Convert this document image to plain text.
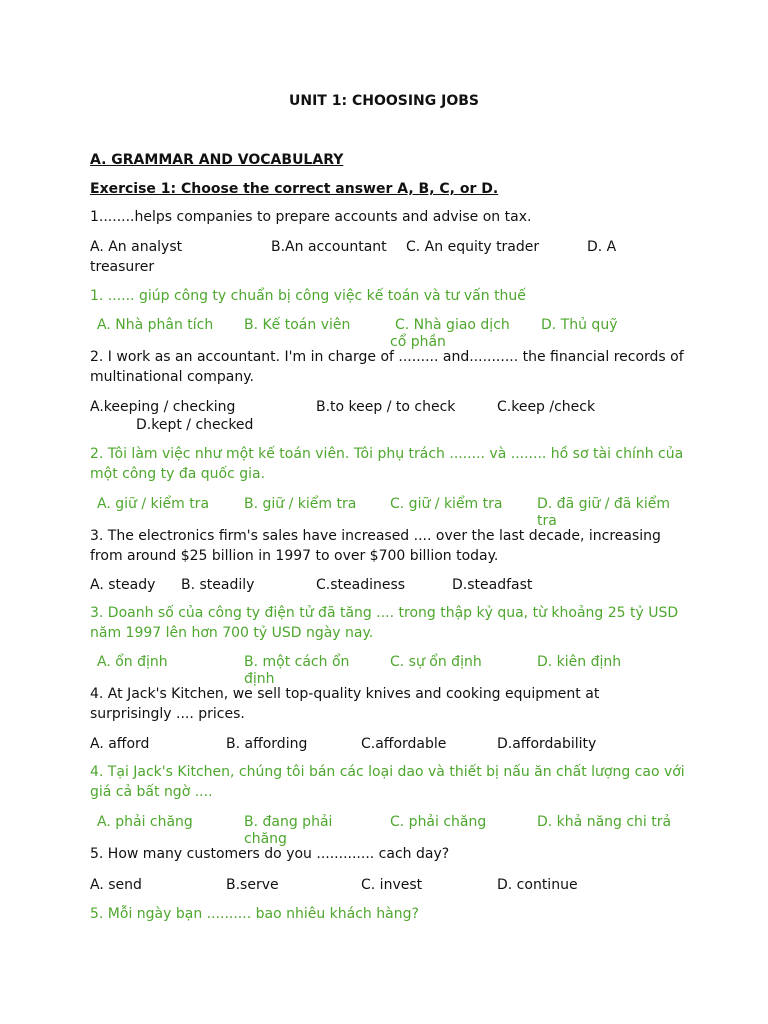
UNIT 1: CHOOSING JOBS
A. GRAMMAR AND VOCABULARY
Exercise 1: Choose the correct answer A, B, C, or D.
1........helps companies to prepare accounts and advise on tax.
A. An analyst	B.An accountant C. An equity trader	D. A
treasurer
1. ...... giúp công ty chuẩn bị công việc kế toán và tư vấn thuế
A. Nhà phân tích B. Kế toán viên	C. Nhà giao dịch cổ phần
D. Thủ quỹ
2. I work as an accountant. I'm in charge of ......... and........... the financial records of multinational company.
A.keeping / checking	B.to keep / to check	C.keep /check
D.kept / checked
2. Tôi làm việc như một kế toán viên. Tôi phụ trách ........ và ........ hồ sơ tài chính của một công ty đa quốc gia.
A. giữ / kiểm tra B. giữ / kiểm tra C. giữ / kiểm tra D. đã giữ / đã kiểm tra
3. The electronics firm's sales have increased .... over the last decade, increasing from around $25 billion in 1997 to over $700 billion today.
A. steady B. steadily	C.steadiness	D.steadfast
3. Doanh số của công ty điện tử đã tăng .... trong thập kỷ qua, từ khoảng 25 tỷ USD năm 1997 lên hơn 700 tỷ USD ngày nay.
A. ổn định	B. một cách ổn định
C. sự ổn định	D. kiên định
4. At Jack's Kitchen, we sell top-quality knives and cooking equipment at surprisingly .... prices.
A. afford	B. affording	C.affordable	D.affordability
4. Tại Jack's Kitchen, chúng tôi bán các loại dao và thiết bị nấu ăn chất lượng cao với giá cả bất ngờ ....
A. phải chăng	B. đang phải chăng
C. phải chăng	D. khả năng chi trả
5. How many customers do you ............. cach day?
A. send	B.serve	C. invest	D. continue
5. Mỗi ngày bạn .......... bao nhiêu khách hàng?
